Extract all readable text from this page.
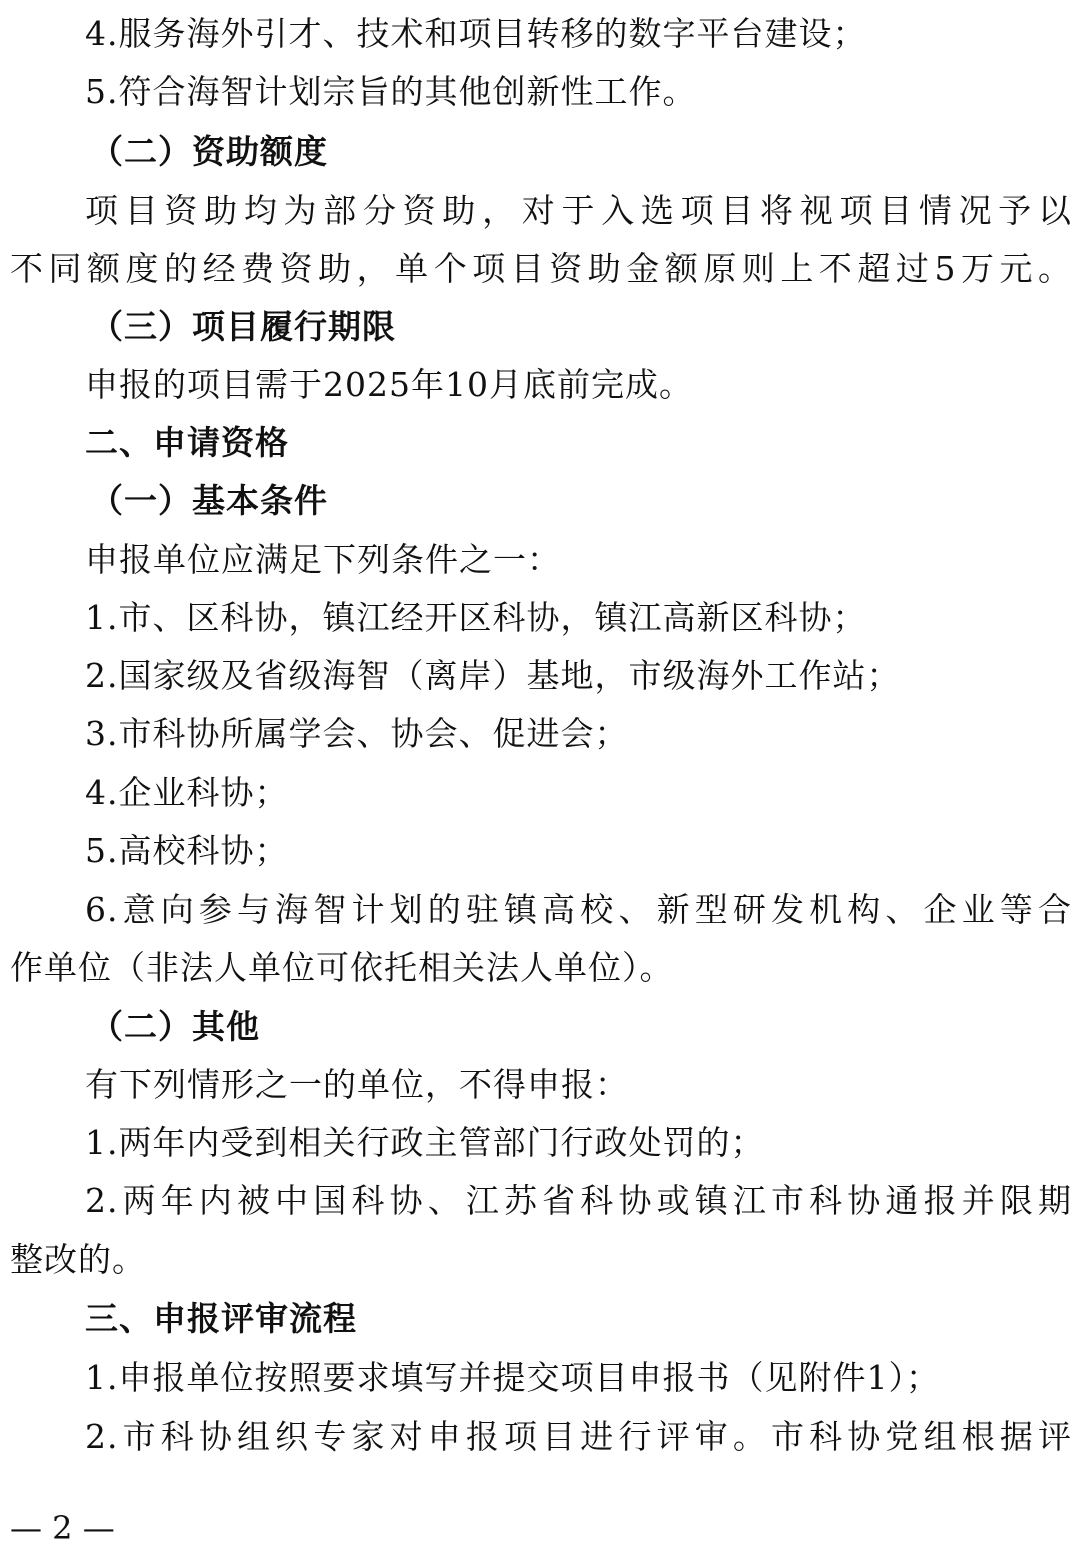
4.服务海外引才、技术和项目转移的数字平台建设；
5.符合海智计划宗旨的其他创新性工作。
（二）资助额度
项目资助均为部分资助，对于入选项目将视项目情况予以
不同额度的经费资助，单个项目资助金额原则上不超过5万元。
（三）项目履行期限
申报的项目需于2025年10月底前完成。
二、申请资格
（一）基本条件
申报单位应满足下列条件之一：
1.市、区科协，镇江经开区科协，镇江高新区科协；
2.国家级及省级海智（离岸）基地，市级海外工作站；
3.市科协所属学会、协会、促进会；
4.企业科协；
5.高校科协；
6.意向参与海智计划的驻镇高校、新型研发机构、企业等合
作单位（非法人单位可依托相关法人单位）。
（二）其他
有下列情形之一的单位，不得申报：
1.两年内受到相关行政主管部门行政处罚的；
2.两年内被中国科协、江苏省科协或镇江市科协通报并限期
整改的。
三、申报评审流程
1.申报单位按照要求填写并提交项目申报书（见附件1）；
2.市科协组织专家对申报项目进行评审。市科协党组根据评
— 2 —
